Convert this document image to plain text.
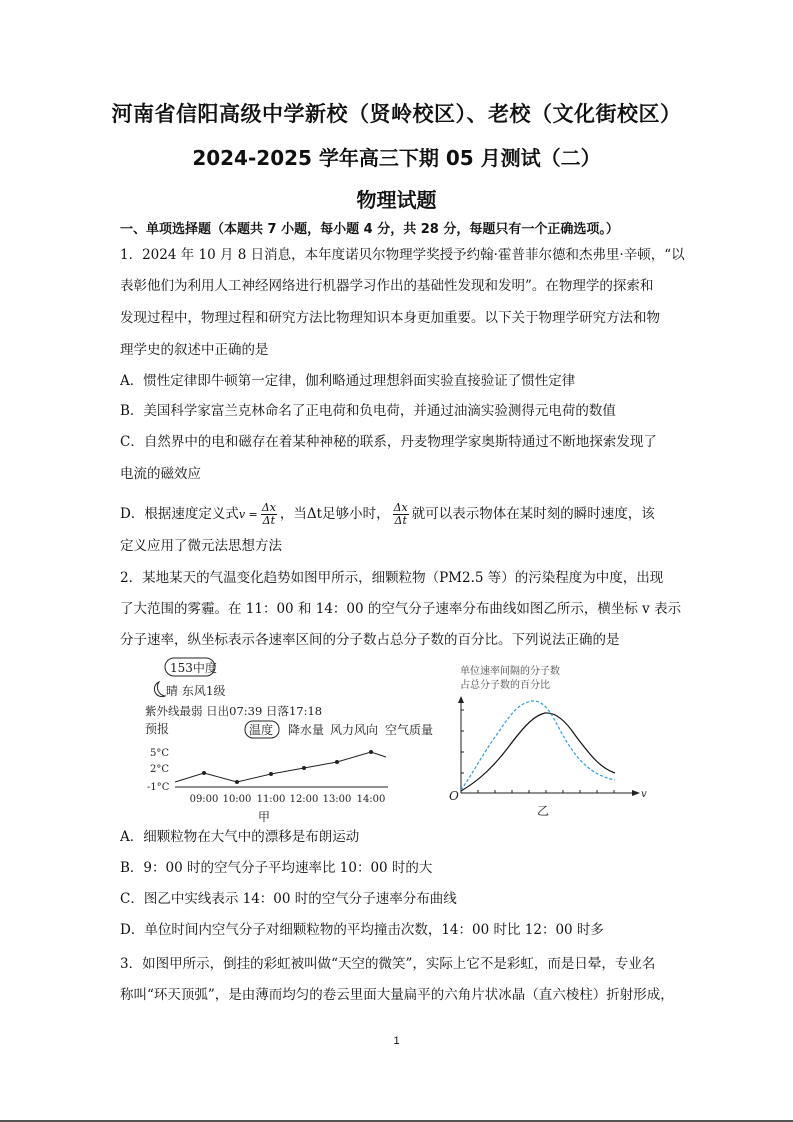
河南省信阳高级中学新校（贤岭校区）、老校（文化街校区）
2024-2025 学年高三下期 05 月测试（二）
物理试题
一、单项选择题（本题共 7 小题，每小题 4 分，共 28 分，每题只有一个正确选项。）
1．2024 年 10 月 8 日消息，本年度诺贝尔物理学奖授予约翰·霍普菲尔德和杰弗里·辛顿，“以
表彰他们为利用人工神经网络进行机器学习作出的基础性发现和发明”。在物理学的探索和
发现过程中，物理过程和研究方法比物理知识本身更加重要。以下关于物理学研究方法和物
理学史的叙述中正确的是
A．惯性定律即牛顿第一定律，伽利略通过理想斜面实验直接验证了惯性定律
B．美国科学家富兰克林命名了正电荷和负电荷，并通过油滴实验测得元电荷的数值
C．自然界中的电和磁存在着某种神秘的联系，丹麦物理学家奥斯特通过不断地探索发现了
电流的磁效应
D．根据速度定义式$v = \frac{\Delta x}{\Delta t}$ ，当Δt足够小时， $\frac{\Delta x}{\Delta t}$ 就可以表示物体在某时刻的瞬时速度，该
定义应用了微元法思想方法
2．某地某天的气温变化趋势如图甲所示，细颗粒物（PM2.5 等）的污染程度为中度，出现
了大范围的雾霾。在 11：00 和 14：00 的空气分子速率分布曲线如图乙所示，横坐标 v 表示
分子速率，纵坐标表示各速率区间的分子数占总分子数的百分比。下列说法正确的是
153中度
晴 东风1级
紫外线最弱 日出07:39 日落17:18
预报	温度 降水量 风力风向 空气质量
5°C
2°C
-1°C
09:00 10:00 11:00 12:00 13:00 14:00
甲
单位速率间隔的分子数
占总分子数的百分比
O	v
乙
A．细颗粒物在大气中的漂移是布朗运动
B．9：00 时的空气分子平均速率比 10：00 时的大
C．图乙中实线表示 14：00 时的空气分子速率分布曲线
D．单位时间内空气分子对细颗粒物的平均撞击次数，14：00 时比 12：00 时多
3．如图甲所示，倒挂的彩虹被叫做“天空的微笑”，实际上它不是彩虹，而是日晕，专业名
称叫“环天顶弧”，是由薄而均匀的卷云里面大量扁平的六角片状冰晶（直六棱柱）折射形成，
1
